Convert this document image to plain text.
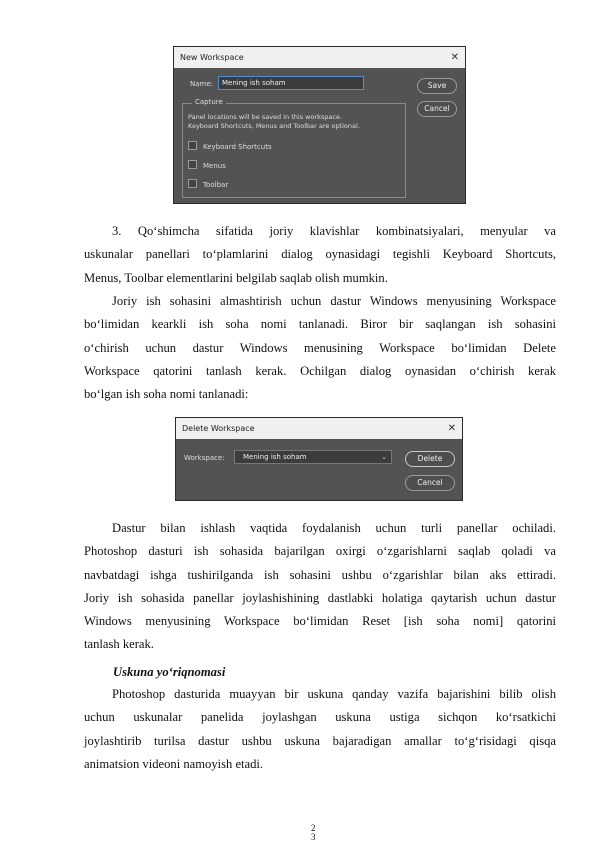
New Workspace	✕
Name:	Mening ish soham	Save
Cancel
Capture
Panel locations will be saved in this workspace.
Keyboard Shortcuts, Menus and Toolbar are optional.
Keyboard Shortcuts
Menus
Toolbar
3. Qo‘shimcha sifatida joriy klavishlar kombinatsiyalari, menyular va
uskunalar panellari to‘plamlarini dialog oynasidagi tegishli Keyboard Shortcuts,
Menus, Toolbar elementlarini belgilab saqlab olish mumkin.
Joriy ish sohasini almashtirish uchun dastur Windows menyusining Workspace
bo‘limidan kearkli ish soha nomi tanlanadi. Biror bir saqlangan ish sohasini
o‘chirish uchun dastur Windows menusining Workspace bo‘limidan Delete
Workspace qatorini tanlash kerak. Ochilgan dialog oynasidan o‘chirish kerak
bo‘lgan ish soha nomi tanlanadi:
Delete Workspace	✕
Workspace:	Mening ish soham	⌄	Delete
Cancel
Dastur bilan ishlash vaqtida foydalanish uchun turli panellar ochiladi.
Photoshop dasturi ish sohasida bajarilgan oxirgi o‘zgarishlarni saqlab qoladi va
navbatdagi ishga tushirilganda ish sohasini ushbu o‘zgarishlar bilan aks ettiradi.
Joriy ish sohasida panellar joylashishining dastlabki holatiga qaytarish uchun dastur
Windows menyusining Workspace bo‘limidan Reset [ish soha nomi] qatorini
tanlash kerak.
Uskuna yo‘riqnomasi
Photoshop dasturida muayyan bir uskuna qanday vazifa bajarishini bilib olish
uchun uskunalar panelida joylashgan uskuna ustiga sichqon ko‘rsatkichi
joylashtirib turilsa dastur ushbu uskuna bajaradigan amallar to‘g‘risidagi qisqa
animatsion videoni namoyish etadi.
2
3
